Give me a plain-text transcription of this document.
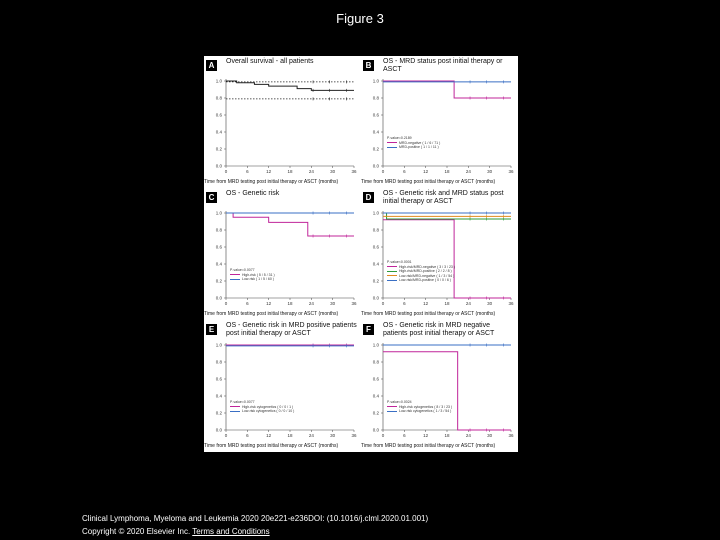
Figure 3
A	Overall survival - all patients
0.0
0.2
0.4
0.6
0.8
1.0
0	6	12	18	24	30	36
Time from MRD testing post initial therapy or ASCT (months)
B	OS - MRD status post initial therapy or ASCT
0.0
0.2
0.4
0.6
0.8
1.0
0	6	12	18	24	30	36
Time from MRD testing post initial therapy or ASCT (months)
P-value=0.2189
MRD-negative ( 1 / 6 / 71 )
MRD-positive ( 1 / 1 / 11 )
C	OS - Genetic risk
0.0
0.2
0.4
0.6
0.8
1.0
0	6	12	18	24	30	36
Time from MRD testing post initial therapy or ASCT (months)
P-value=0.0077
High-risk ( 5 / 5 / 31 )
Low-risk ( 1 / 5 / 60 )
D	OS - Genetic risk and MRD status post initial therapy or ASCT
0.0
0.2
0.4
0.6
0.8
1.0
0	6	12	18	24	30	36
Time from MRD testing post initial therapy or ASCT (months)
P-value<0.0001
High-risk/MRD-negative ( 3 / 3 / 23 )
High-risk/MRD-positive ( 2 / 2 / 8 )
Low-risk/MRD-negative ( 1 / 3 / 54 )
Low-risk/MRD-positive ( 0 / 0 / 6 )
E	OS - Genetic risk in MRD positive patients post initial therapy or ASCT
0.0
0.2
0.4
0.6
0.8
1.0
0	6	12	18	24	30	36
Time from MRD testing post initial therapy or ASCT (months)
P-value=0.0077
High-risk cytogenetics ( 0 / 0 / 1 )
Low-risk cytogenetics ( 0 / 0 / 10 )
F	OS - Genetic risk in MRD negative patients post initial therapy or ASCT
0.0
0.2
0.4
0.6
0.8
1.0
0	6	12	18	24	30	36
Time from MRD testing post initial therapy or ASCT (months)
P-value=0.0024
High-risk cytogenetics ( 8 / 3 / 23 )
Low-risk cytogenetics ( 1 / 3 / 54 )
Clinical Lymphoma, Myeloma and Leukemia 2020 20e221-e236DOI: (10.1016/j.clml.2020.01.001)
Copyright © 2020 Elsevier Inc. Terms and Conditions
